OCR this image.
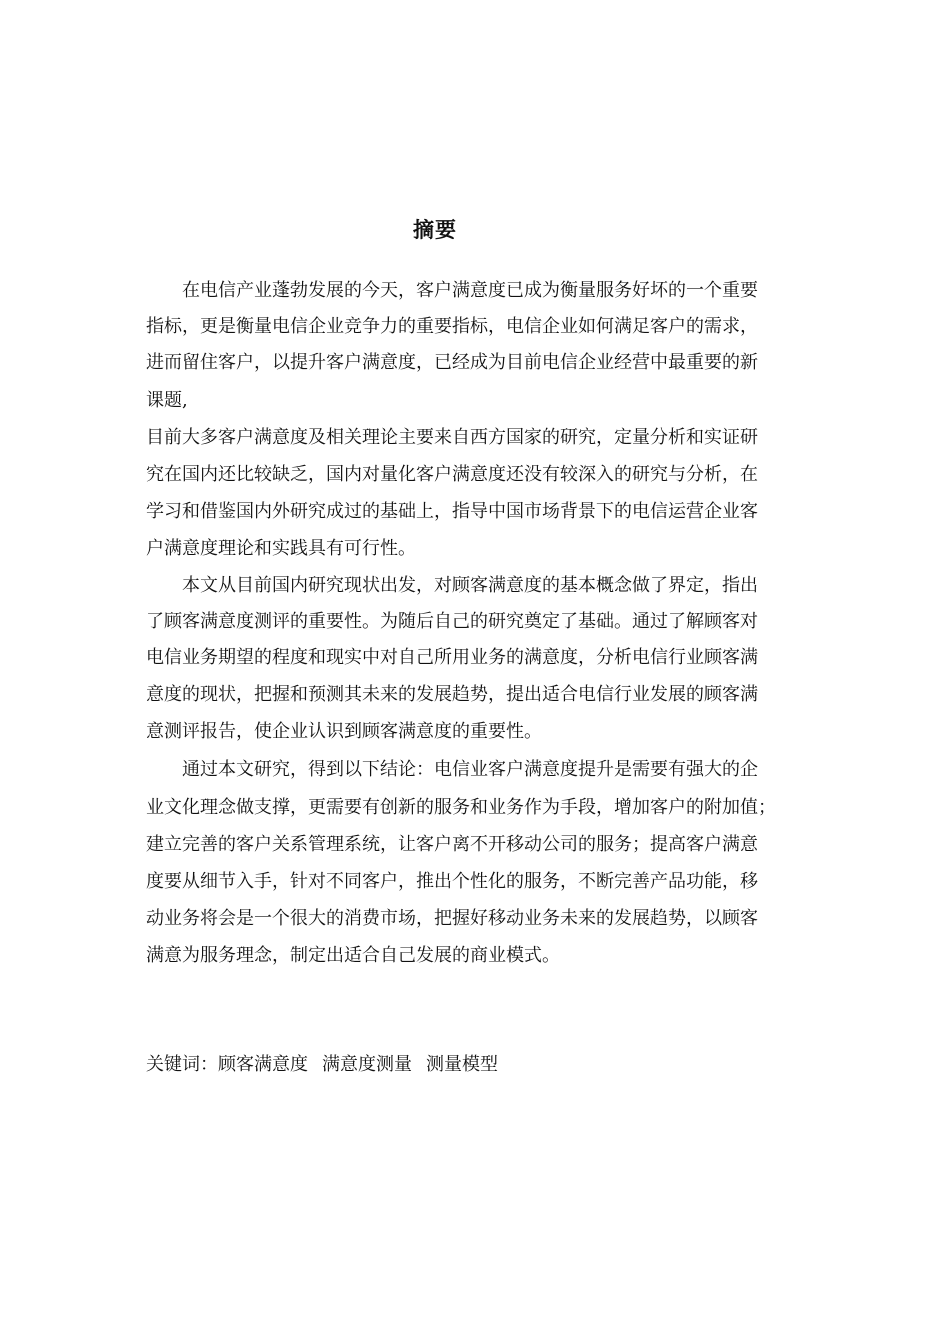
摘要
在电信产业蓬勃发展的今天，客户满意度已成为衡量服务好坏的一个重要
指标，更是衡量电信企业竞争力的重要指标，电信企业如何满足客户的需求，
进而留住客户，以提升客户满意度，已经成为目前电信企业经营中最重要的新
课题,
目前大多客户满意度及相关理论主要来自西方国家的研究，定量分析和实证研
究在国内还比较缺乏，国内对量化客户满意度还没有较深入的研究与分析，在
学习和借鉴国内外研究成过的基础上，指导中国市场背景下的电信运营企业客
户满意度理论和实践具有可行性。
本文从目前国内研究现状出发，对顾客满意度的基本概念做了界定，指出
了顾客满意度测评的重要性。为随后自己的研究奠定了基础。通过了解顾客对
电信业务期望的程度和现实中对自己所用业务的满意度，分析电信行业顾客满
意度的现状，把握和预测其未来的发展趋势，提出适合电信行业发展的顾客满
意测评报告，使企业认识到顾客满意度的重要性。
通过本文研究，得到以下结论：电信业客户满意度提升是需要有强大的企
业文化理念做支撑，更需要有创新的服务和业务作为手段，增加客户的附加值；
建立完善的客户关系管理系统，让客户离不开移动公司的服务；提高客户满意
度要从细节入手，针对不同客户，推出个性化的服务，不断完善产品功能，移
动业务将会是一个很大的消费市场，把握好移动业务未来的发展趋势，以顾客
满意为服务理念，制定出适合自己发展的商业模式。
关键词：顾客满意度 满意度测量 测量模型
